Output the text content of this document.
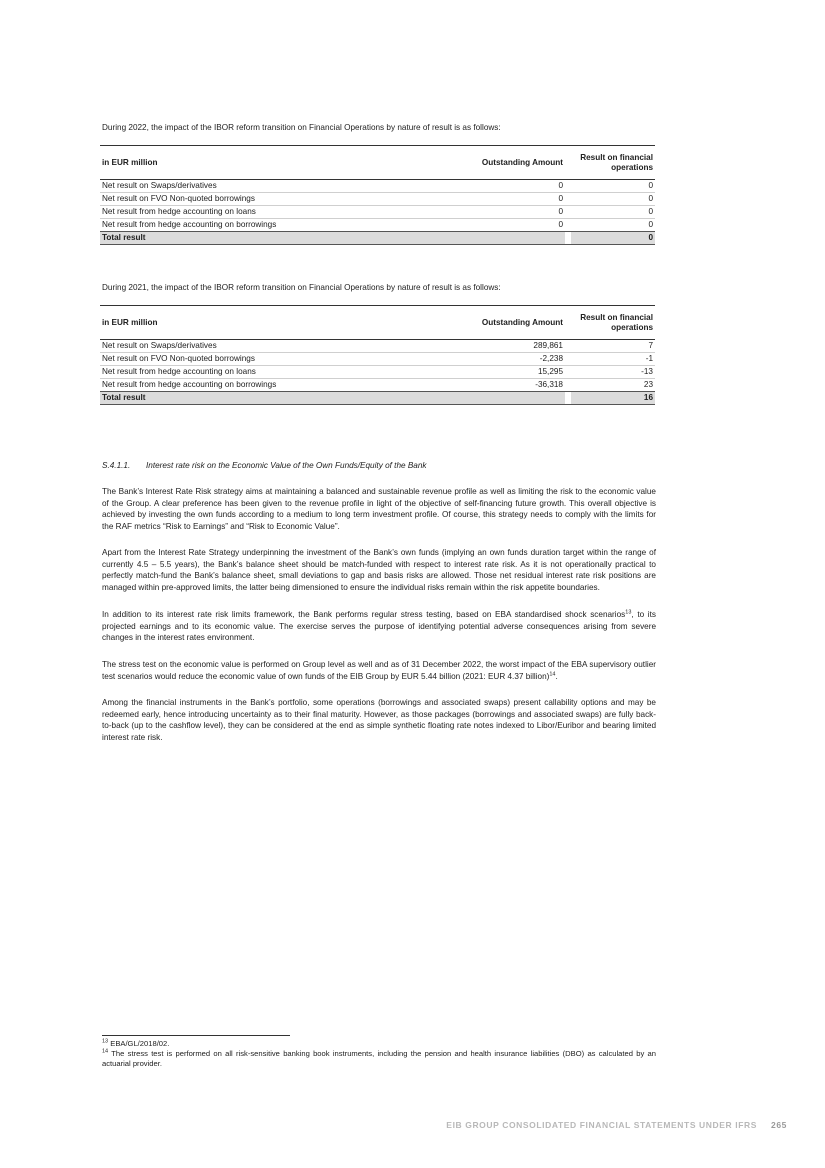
During 2022, the impact of the IBOR reform transition on Financial Operations by nature of result is as follows:

in EUR million	Outstanding Amount		Result on financial operations
Net result on Swaps/derivatives	0		0
Net result on FVO Non-quoted borrowings	0		0
Net result from hedge accounting on loans	0		0
Net result from hedge accounting on borrowings	0		0
Total result			0

During 2021, the impact of the IBOR reform transition on Financial Operations by nature of result is as follows:

in EUR million	Outstanding Amount		Result on financial operations
Net result on Swaps/derivatives	289,861		7
Net result on FVO Non-quoted borrowings	-2,238		-1
Net result from hedge accounting on loans	15,295		-13
Net result from hedge accounting on borrowings	-36,318		23
Total result			16
S.4.1.1. Interest rate risk on the Economic Value of the Own Funds/Equity of the Bank

The Bank’s Interest Rate Risk strategy aims at maintaining a balanced and sustainable revenue profile as well as limiting the risk to the economic value of the Group. A clear preference has been given to the revenue profile in light of the objective of self-financing future growth. This overall objective is achieved by investing the own funds according to a medium to long term investment profile. Of course, this strategy needs to comply with the limits for the RAF metrics “Risk to Earnings” and “Risk to Economic Value”.

Apart from the Interest Rate Strategy underpinning the investment of the Bank’s own funds (implying an own funds duration target within the range of currently 4.5 – 5.5 years), the Bank’s balance sheet should be match-funded with respect to interest rate risk. As it is not operationally practical to perfectly match-fund the Bank’s balance sheet, small deviations to gap and basis risks are allowed. Those net residual interest rate risk positions are managed within pre-approved limits, the latter being dimensioned to ensure the individual risks remain within the risk appetite boundaries.

In addition to its interest rate risk limits framework, the Bank performs regular stress testing, based on EBA standardised shock scenarios$^{13}$, to its projected earnings and to its economic value. The exercise serves the purpose of identifying potential adverse consequences arising from severe changes in the interest rates environment.

The stress test on the economic value is performed on Group level as well and as of 31 December 2022, the worst impact of the EBA supervisory outlier test scenarios would reduce the economic value of own funds of the EIB Group by EUR 5.44 billion (2021: EUR 4.37 billion)$^{14}$.

Among the financial instruments in the Bank’s portfolio, some operations (borrowings and associated swaps) present callability options and may be redeemed early, hence introducing uncertainty as to their final maturity. However, as those packages (borrowings and associated swaps) are fully back-to-back (up to the cashflow level), they can be considered at the end as simple synthetic floating rate notes indexed to Libor/Euribor and bearing limited interest rate risk.

$^{13}$ EBA/GL/2018/02.

$^{14}$ The stress test is performed on all risk-sensitive banking book instruments, including the pension and health insurance liabilities (DBO) as calculated by an actuarial provider.

EIB GROUP CONSOLIDATED FINANCIAL STATEMENTS UNDER IFRS 265
